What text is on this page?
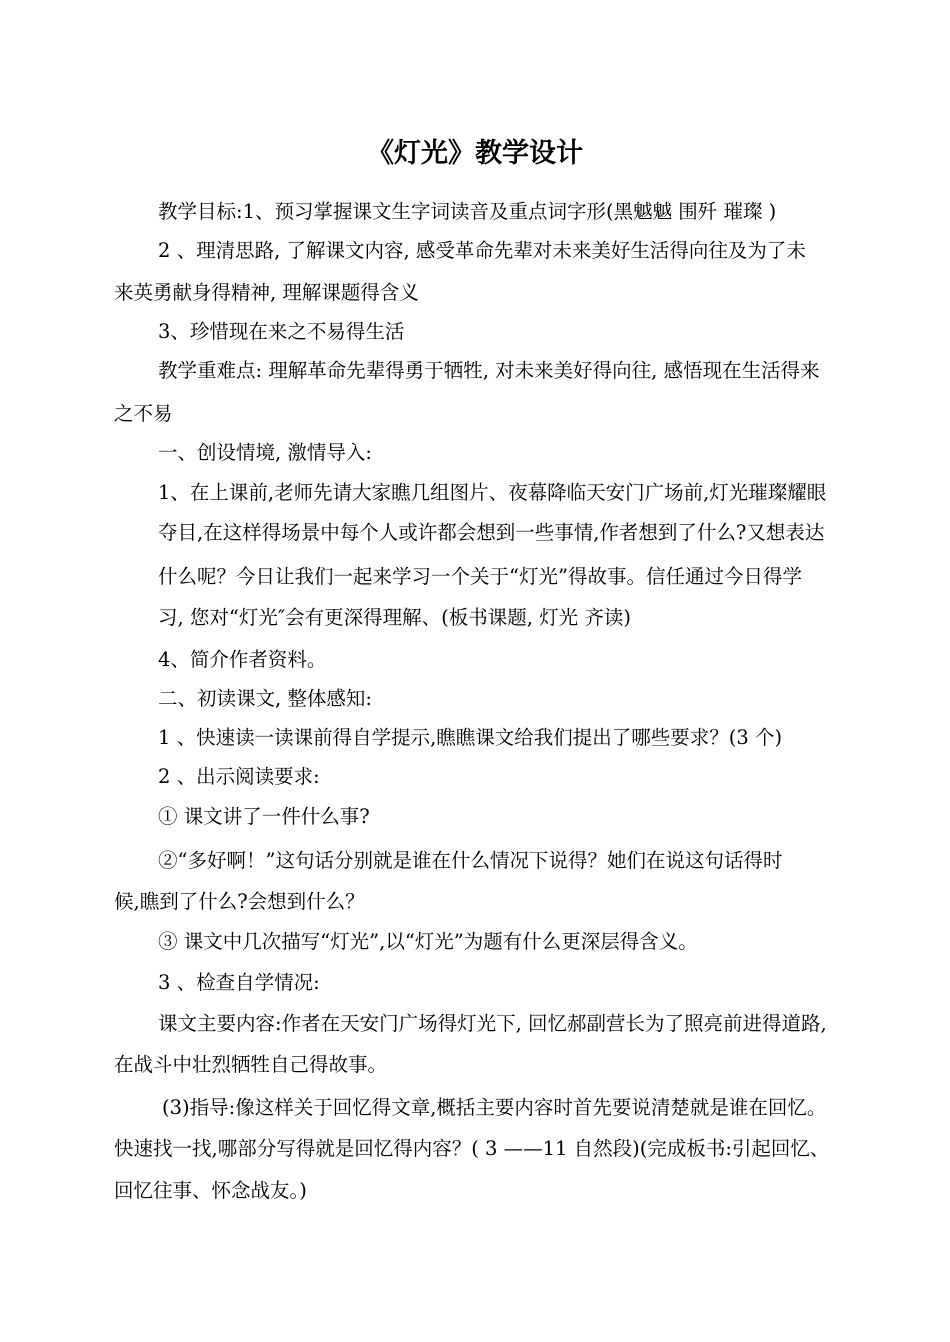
《灯光》教学设计
教学目标:1、预习掌握课文生字词读音及重点词字形(黑魆魆 围歼 璀璨 )
2 、理清思路, 了解课文内容, 感受革命先辈对未来美好生活得向往及为了未
来英勇献身得精神, 理解课题得含义
3、珍惜现在来之不易得生活
教学重难点: 理解革命先辈得勇于牺牲, 对未来美好得向往, 感悟现在生活得来
之不易
一、创设情境, 激情导入:
1、在上课前,老师先请大家瞧几组图片、夜幕降临天安门广场前,灯光璀璨耀眼
夺目,在这样得场景中每个人或许都会想到一些事情,作者想到了什么?又想表达
什么呢？今日让我们一起来学习一个关于“灯光”得故事。信任通过今日得学
习, 您对“灯光″会有更深得理解、(板书课题, 灯光 齐读)
4、简介作者资料。
二、初读课文, 整体感知:
1 、快速读一读课前得自学提示,瞧瞧课文给我们提出了哪些要求？(3 个)
2 、出示阅读要求:
① 课文讲了一件什么事?
②“多好啊！”这句话分别就是谁在什么情况下说得？她们在说这句话得时
候,瞧到了什么?会想到什么？
③ 课文中几次描写“灯光”,以“灯光”为题有什么更深层得含义。
3 、检查自学情况:
课文主要内容:作者在天安门广场得灯光下, 回忆郝副营长为了照亮前进得道路,
在战斗中壮烈牺牲自己得故事。
(3)指导:像这样关于回忆得文章,概括主要内容时首先要说清楚就是谁在回忆。
快速找一找,哪部分写得就是回忆得内容？( 3 ——11 自然段)(完成板书:引起回忆、
回忆往事、怀念战友。)
